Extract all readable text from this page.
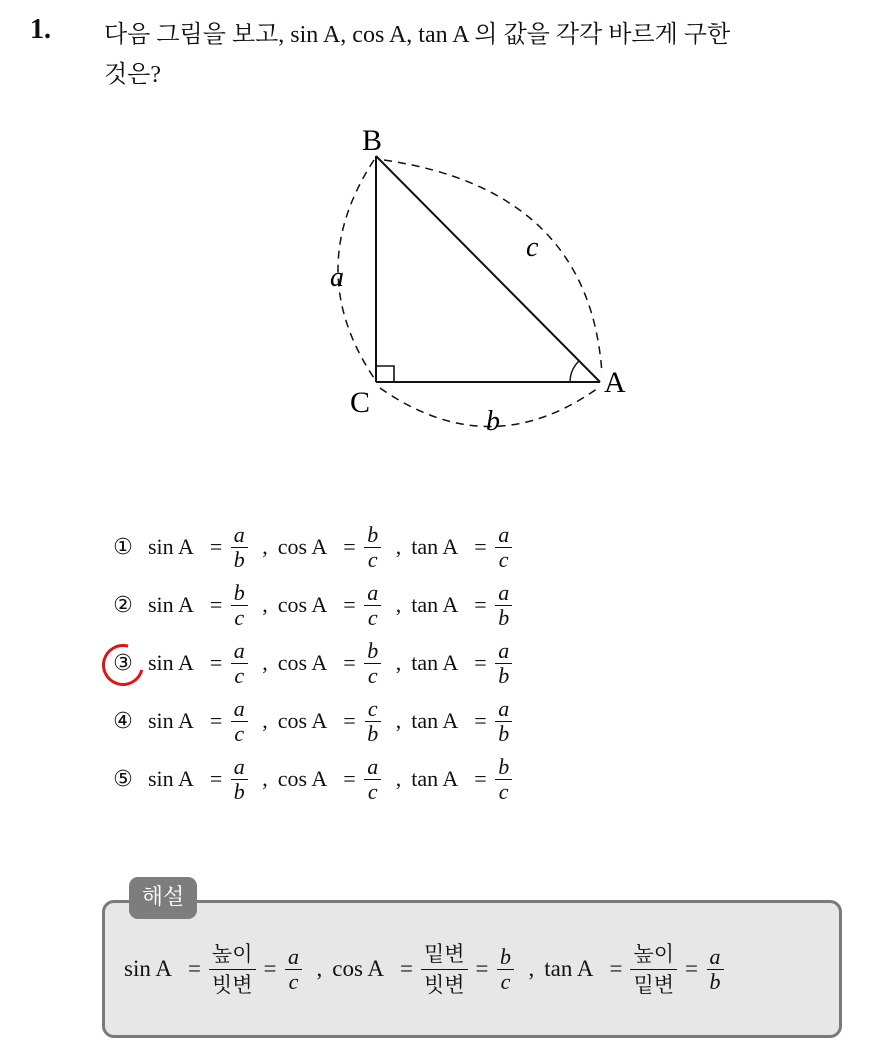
1. 다음 그림을 보고, sin A, cos A, tan A 의 값을 각각 바르게 구한
것은?
B
A
C
a
c
b
① $\sin A = \frac{a}{b}$ , $\cos A = \frac{b}{c}$ , $\tan A = \frac{a}{c}$
② $\sin A = \frac{b}{c}$ , $\cos A = \frac{a}{c}$ , $\tan A = \frac{a}{b}$
③ $\sin A = \frac{a}{c}$ , $\cos A = \frac{b}{c}$ , $\tan A = \frac{a}{b}$
④ $\sin A = \frac{a}{c}$ , $\cos A = \frac{c}{b}$ , $\tan A = \frac{a}{b}$
⑤ $\sin A = \frac{a}{b}$ , $\cos A = \frac{a}{c}$ , $\tan A = \frac{b}{c}$
해설
$\sin A = \frac{\text{높이}}{\text{빗변}} = \frac{a}{c}$ , $\cos A = \frac{\text{밑변}}{\text{빗변}} = \frac{b}{c}$ , $\tan A = \frac{\text{높이}}{\text{밑변}} = \frac{a}{b}$
